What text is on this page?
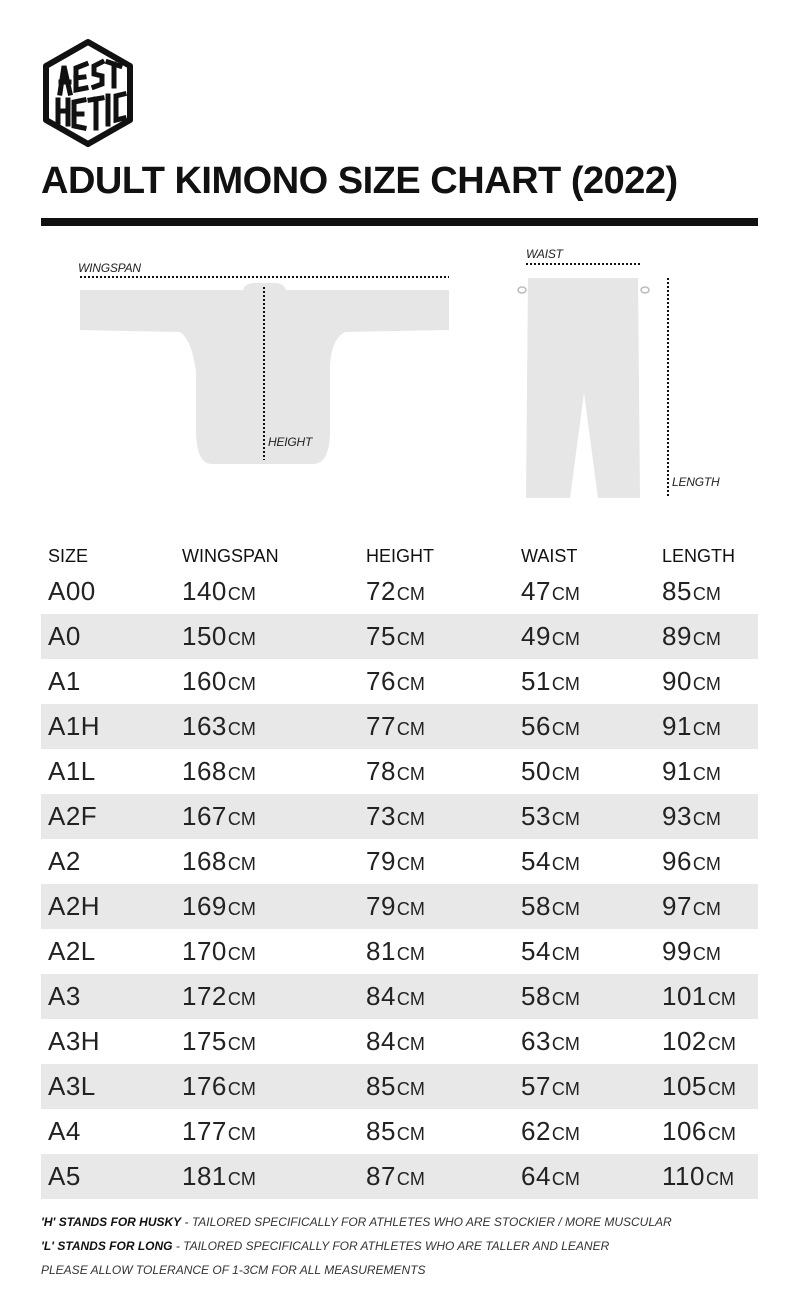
ADULT KIMONO SIZE CHART (2022)
WINGSPAN
HEIGHT
WAIST
LENGTH
SIZE	WINGSPAN	HEIGHT	WAIST	LENGTH
A00	140 CM	72 CM	47 CM	85 CM
A0	150 CM	75 CM	49 CM	89 CM
A1	160 CM	76 CM	51 CM	90 CM
A1H	163 CM	77 CM	56 CM	91 CM
A1L	168 CM	78 CM	50 CM	91 CM
A2F	167 CM	73 CM	53 CM	93 CM
A2	168 CM	79 CM	54 CM	96 CM
A2H	169 CM	79 CM	58 CM	97 CM
A2L	170 CM	81 CM	54 CM	99 CM
A3	172 CM	84 CM	58 CM	101 CM
A3H	175 CM	84 CM	63 CM	102 CM
A3L	176 CM	85 CM	57 CM	105 CM
A4	177 CM	85 CM	62 CM	106 CM
A5	181 CM	87 CM	64 CM	110 CM
'H' STANDS FOR HUSKY - TAILORED SPECIFICALLY FOR ATHLETES WHO ARE STOCKIER / MORE MUSCULAR
'L' STANDS FOR LONG - TAILORED SPECIFICALLY FOR ATHLETES WHO ARE TALLER AND LEANER
PLEASE ALLOW TOLERANCE OF 1-3CM FOR ALL MEASUREMENTS
